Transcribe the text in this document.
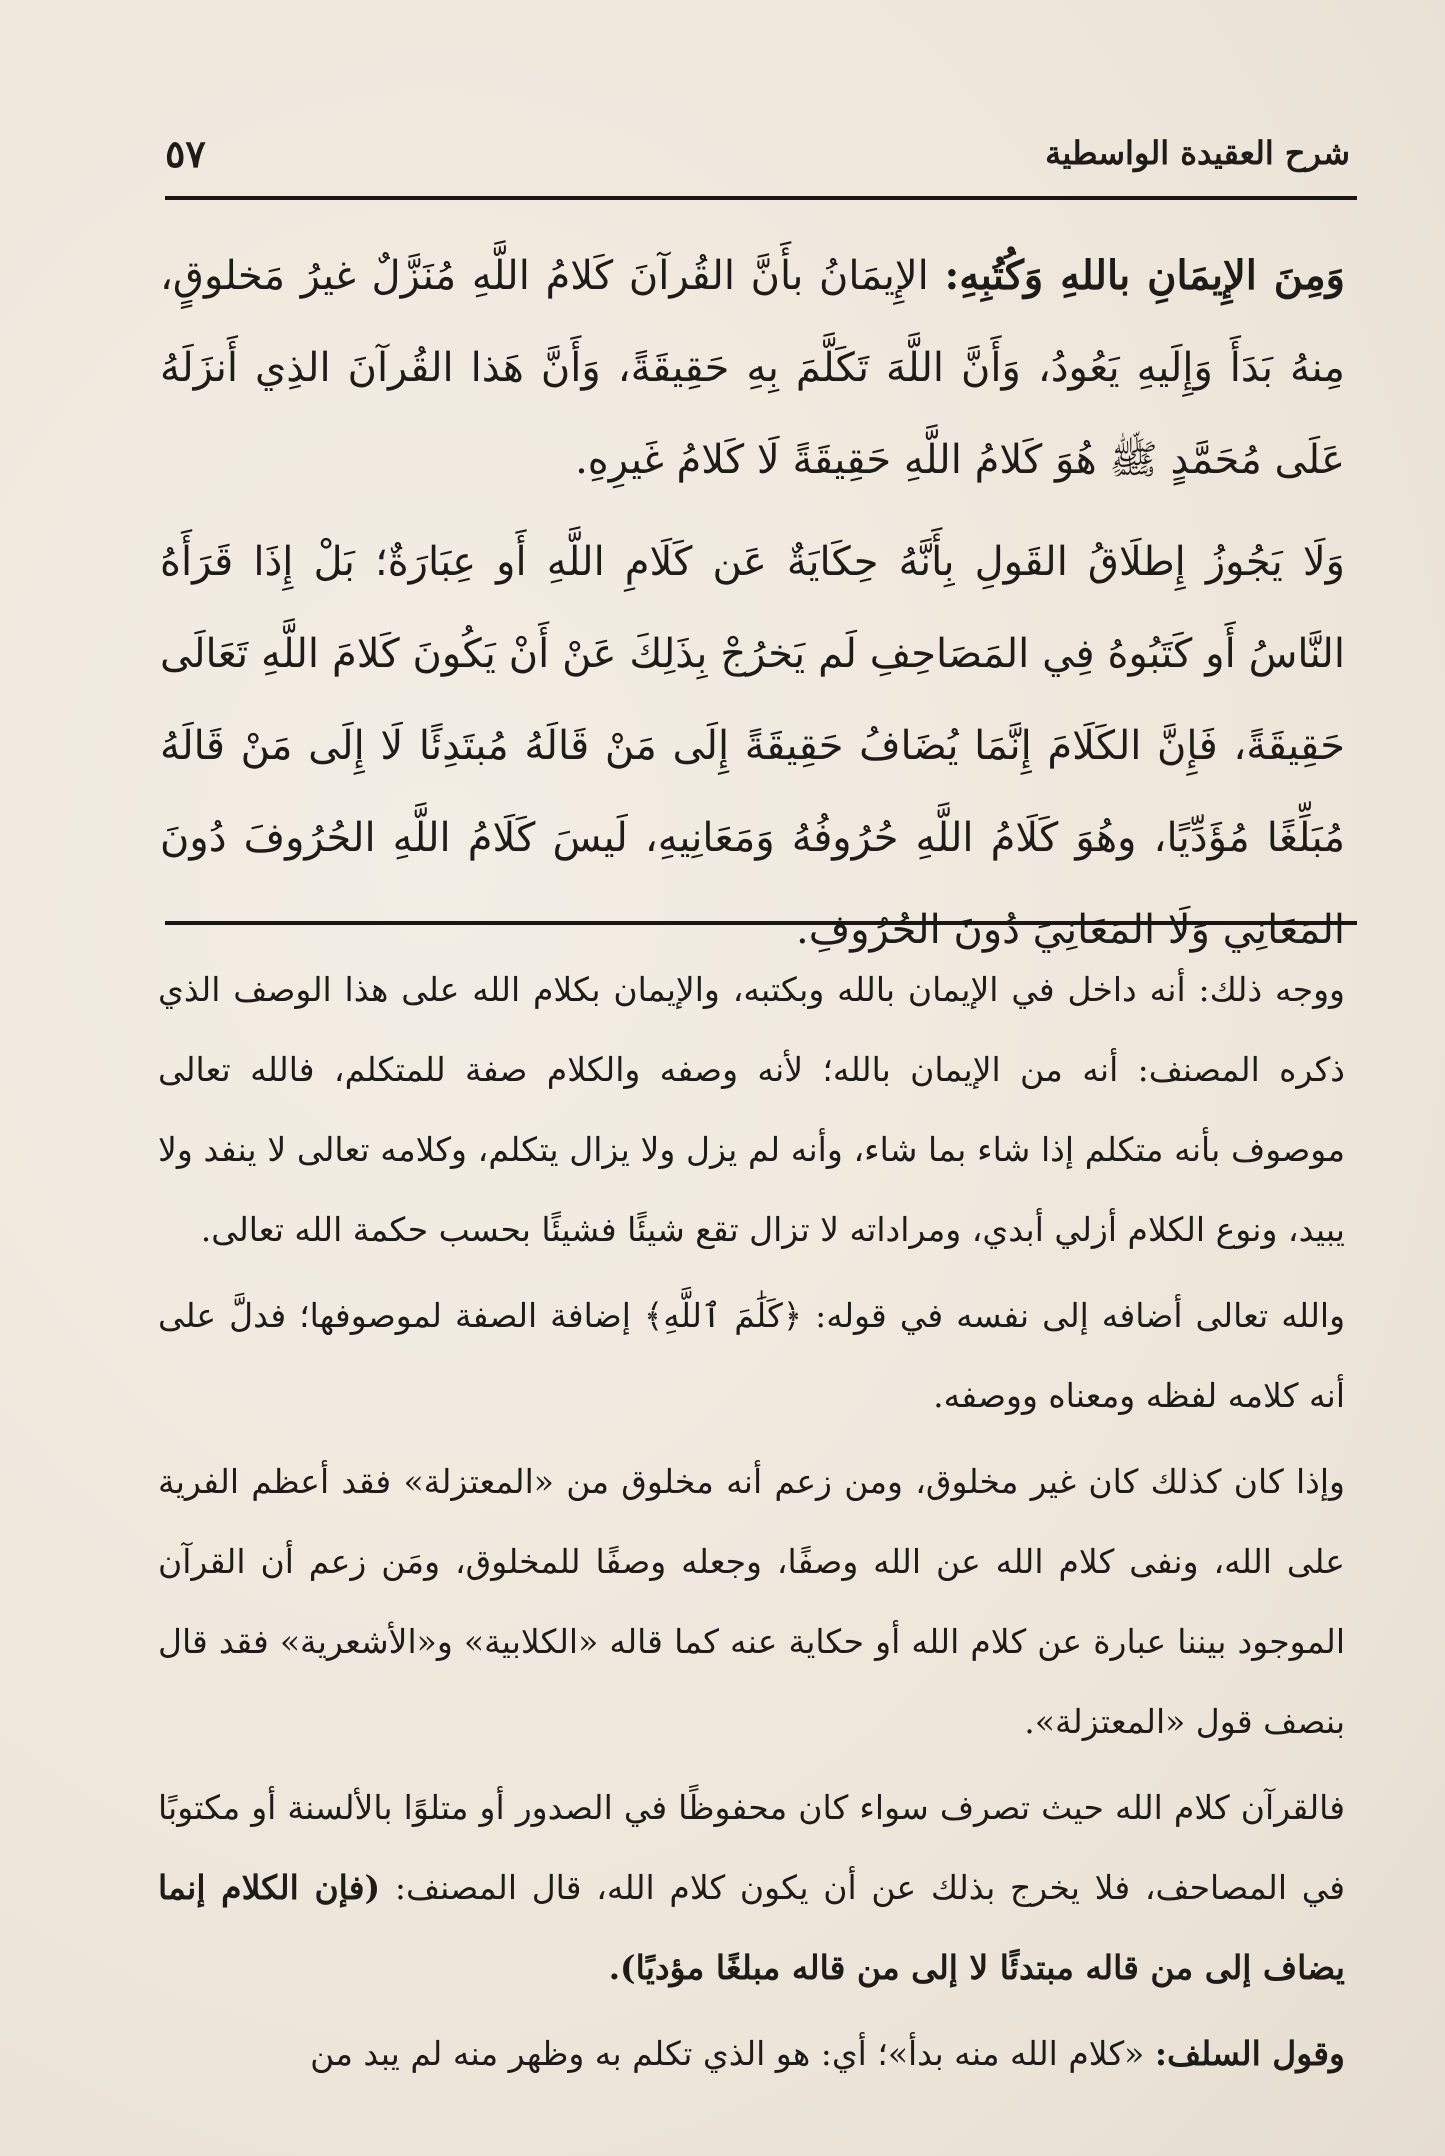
شرح العقيدة الواسطية
٥٧

وَمِنَ الإِيمَانِ باللهِ وَكُتُبِهِ: الإِيمَانُ بأَنَّ القُرآنَ كَلامُ اللَّهِ مُنَزَّلٌ غيرُ مَخلوقٍ، مِنهُ بَدَأَ وَإِلَيهِ يَعُودُ، وَأَنَّ اللَّهَ تَكَلَّمَ بِهِ حَقِيقَةً، وَأَنَّ هَذا القُرآنَ الذِي أَنزَلَهُ عَلَى مُحَمَّدٍ ﷺ هُوَ كَلامُ اللَّهِ حَقِيقَةً لَا كَلامُ غَيرِهِ.

وَلَا يَجُوزُ إِطلَاقُ القَولِ بِأَنَّهُ حِكَايَةٌ عَن كَلَامِ اللَّهِ أَو عِبَارَةٌ؛ بَلْ إِذَا قَرَأَهُ النَّاسُ أَو كَتَبُوهُ فِي المَصَاحِفِ لَم يَخرُجْ بِذَلِكَ عَنْ أَنْ يَكُونَ كَلامَ اللَّهِ تَعَالَى حَقِيقَةً، فَإِنَّ الكَلَامَ إِنَّمَا يُضَافُ حَقِيقَةً إِلَى مَنْ قَالَهُ مُبتَدِئًا لَا إِلَى مَنْ قَالَهُ مُبَلِّغًا مُؤَدِّيًا، وهُوَ كَلَامُ اللَّهِ حُرُوفُهُ وَمَعَانِيهِ، لَيسَ كَلَامُ اللَّهِ الحُرُوفَ دُونَ المَعَانِي وَلَا المَعَانِيَ دُونَ الحُرُوفِ.

ووجه ذلك: أنه داخل في الإيمان بالله وبكتبه، والإيمان بكلام الله على هذا الوصف الذي ذكره المصنف: أنه من الإيمان بالله؛ لأنه وصفه والكلام صفة للمتكلم، فالله تعالى موصوف بأنه متكلم إذا شاء بما شاء، وأنه لم يزل ولا يزال يتكلم، وكلامه تعالى لا ينفد ولا يبيد، ونوع الكلام أزلي أبدي، ومراداته لا تزال تقع شيئًا فشيئًا بحسب حكمة الله تعالى.

والله تعالى أضافه إلى نفسه في قوله: ﴿كَلَٰمَ ٱللَّهِ﴾ إضافة الصفة لموصوفها؛ فدلَّ على أنه كلامه لفظه ومعناه ووصفه.

وإذا كان كذلك كان غير مخلوق، ومن زعم أنه مخلوق من «المعتزلة» فقد أعظم الفرية على الله، ونفى كلام الله عن الله وصفًا، وجعله وصفًا للمخلوق، ومَن زعم أن القرآن الموجود بيننا عبارة عن كلام الله أو حكاية عنه كما قاله «الكلابية» و«الأشعرية» فقد قال بنصف قول «المعتزلة».

فالقرآن كلام الله حيث تصرف سواء كان محفوظًا في الصدور أو متلوًا بالألسنة أو مكتوبًا في المصاحف، فلا يخرج بذلك عن أن يكون كلام الله، قال المصنف: (فإن الكلام إنما يضاف إلى من قاله مبتدئًا لا إلى من قاله مبلغًا مؤديًا).

وقول السلف: «كلام الله منه بدأ»؛ أي: هو الذي تكلم به وظهر منه لم يبد من
